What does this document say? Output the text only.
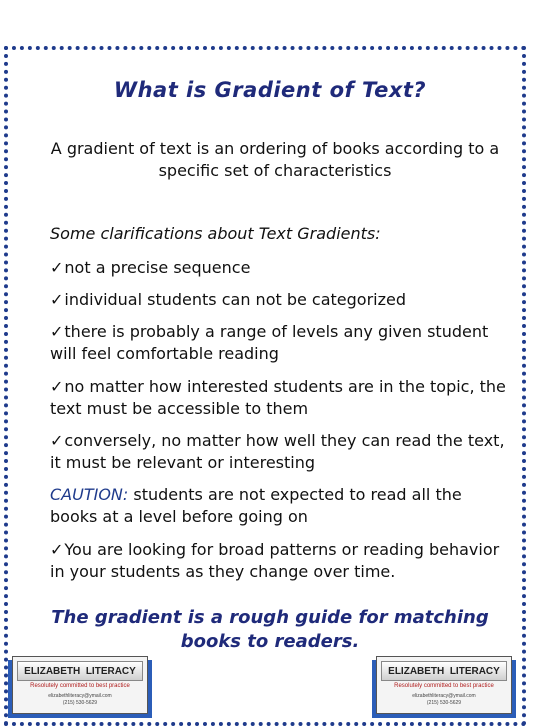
What is Gradient of Text?
A gradient of text is an ordering of books according to a specific set of characteristics
Some clarifications about Text Gradients:
✓not a precise sequence
✓individual students can not be categorized
✓there is probably a range of levels any given student will feel comfortable reading
✓no matter how interested students are in the topic, the text must be accessible to them
✓conversely, no matter how well they can read the text, it must be relevant or interesting
CAUTION: students are not expected to read all the books at a level before going on
✓You are looking for broad patterns or reading behavior in your students as they change over time.
The gradient is a rough guide for matching books to readers.
ELIZABETH
LITERACY
Resolutely committed to best practice
elizabethliteracy@ymail.com
(215) 530-5629
ELIZABETH
LITERACY
Resolutely committed to best practice
elizabethliteracy@ymail.com
(215) 530-5629
